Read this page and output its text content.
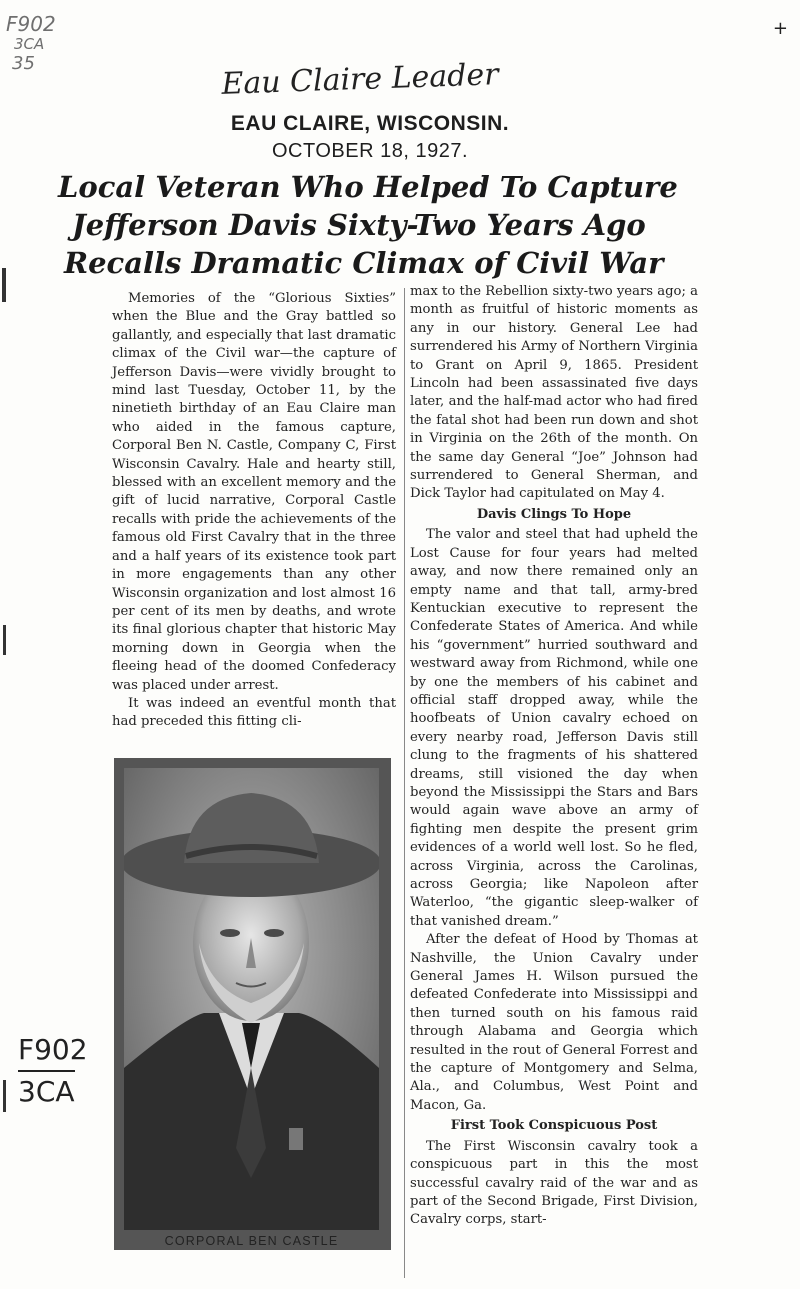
F902
3CA
35
+
Eau Claire Leader
EAU CLAIRE, WISCONSIN.
OCTOBER 18, 1927.
Local Veteran Who Helped To Capture
Jefferson Davis Sixty-Two Years Ago
Recalls Dramatic Climax of Civil War

Memories of the “Glorious Sixties” when the Blue and the Gray battled so gallantly, and especially that last dramatic climax of the Civil war—the capture of Jefferson Davis—were vividly brought to mind last Tuesday, October 11, by the ninetieth birthday of an Eau Claire man who aided in the famous capture, Corporal Ben N. Castle, Company C, First Wisconsin Cavalry. Hale and hearty still, blessed with an excellent memory and the gift of lucid narrative, Corporal Castle recalls with pride the achievements of the famous old First Cavalry that in the three and a half years of its existence took part in more engagements than any other Wisconsin organization and lost almost 16 per cent of its men by deaths, and wrote its final glorious chapter that historic May morning down in Georgia when the fleeing head of the doomed Confederacy was placed under arrest.

It was indeed an eventful month that had preceded this fitting cli-

max to the Rebellion sixty-two years ago; a month as fruitful of historic moments as any in our history. General Lee had surrendered his Army of Northern Virginia to Grant on April 9, 1865. President Lincoln had been assassinated five days later, and the half-mad actor who had fired the fatal shot had been run down and shot in Virginia on the 26th of the month. On the same day General “Joe” Johnson had surrendered to General Sherman, and Dick Taylor had capitulated on May 4.

Davis Clings To Hope

The valor and steel that had upheld the Lost Cause for four years had melted away, and now there remained only an empty name and that tall, army-bred Kentuckian executive to represent the Confederate States of America. And while his “government” hurried southward and westward away from Richmond, while one by one the members of his cabinet and official staff dropped away, while the hoofbeats of Union cavalry echoed on every nearby road, Jefferson Davis still clung to the fragments of his shattered dreams, still visioned the day when beyond the Mississippi the Stars and Bars would again wave above an army of fighting men despite the present grim evidences of a world well lost. So he fled, across Virginia, across the Carolinas, across Georgia; like Napoleon after Waterloo, “the gigantic sleep-walker of that vanished dream.”

After the defeat of Hood by Thomas at Nashville, the Union Cavalry under General James H. Wilson pursued the defeated Confederate into Mississippi and then turned south on his famous raid through Alabama and Georgia which resulted in the rout of General Forrest and the capture of Montgomery and Selma, Ala., and Columbus, West Point and Macon, Ga.

First Took Conspicuous Post

The First Wisconsin cavalry took a conspicuous part in this the most successful cavalry raid of the war and as part of the Second Brigade, First Division, Cavalry corps, start-

CORPORAL BEN CASTLE
F902
3CA
